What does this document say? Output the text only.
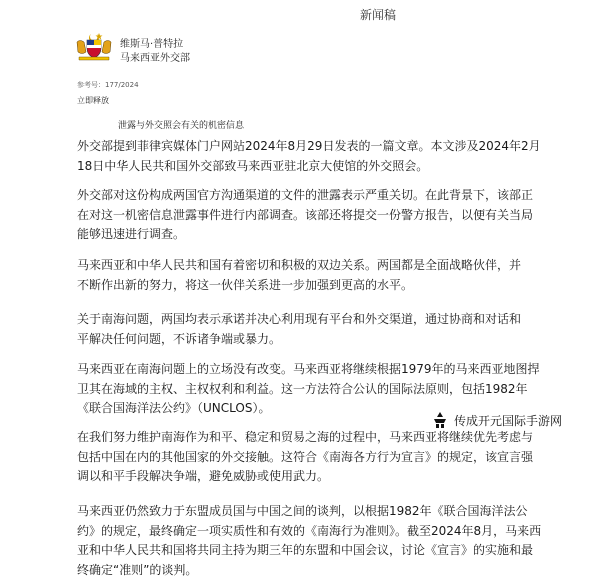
新闻稿
维斯马·普特拉
马来西亚外交部
参考号：177/2024
立即释放
泄露与外交照会有关的机密信息

外交部提到菲律宾媒体门户网站2024年8月29日发表的一篇文章。本文涉及2024年2月18日中华人民共和国外交部致马来西亚驻北京大使馆的外交照会。

外交部对这份构成两国官方沟通渠道的文件的泄露表示严重关切。在此背景下，该部正在对这一机密信息泄露事件进行内部调查。该部还将提交一份警方报告，以便有关当局能够迅速进行调查。

马来西亚和中华人民共和国有着密切和积极的双边关系。两国都是全面战略伙伴，并不断作出新的努力，将这一伙伴关系进一步加强到更高的水平。

关于南海问题，两国均表示承诺并决心利用现有平台和外交渠道，通过协商和对话和平解决任何问题，不诉诸争端或暴力。

马来西亚在南海问题上的立场没有改变。马来西亚将继续根据1979年的马来西亚地图捍卫其在海域的主权、主权权利和利益。这一方法符合公认的国际法原则，包括1982年《联合国海洋法公约》（UNCLOS）。

在我们努力维护南海作为和平、稳定和贸易之海的过程中，马来西亚将继续优先考虑与包括中国在内的其他国家的外交接触。这符合《南海各方行为宣言》的规定，该宣言强调以和平手段解决争端，避免威胁或使用武力。

马来西亚仍然致力于东盟成员国与中国之间的谈判，以根据1982年《联合国海洋法公约》的规定，最终确定一项实质性和有效的《南海行为准则》。截至2024年8月，马来西亚和中华人民共和国将共同主持为期三年的东盟和中国会议，讨论《宣言》的实施和最终确定“准则”的谈判。

传成开元国际手游网
